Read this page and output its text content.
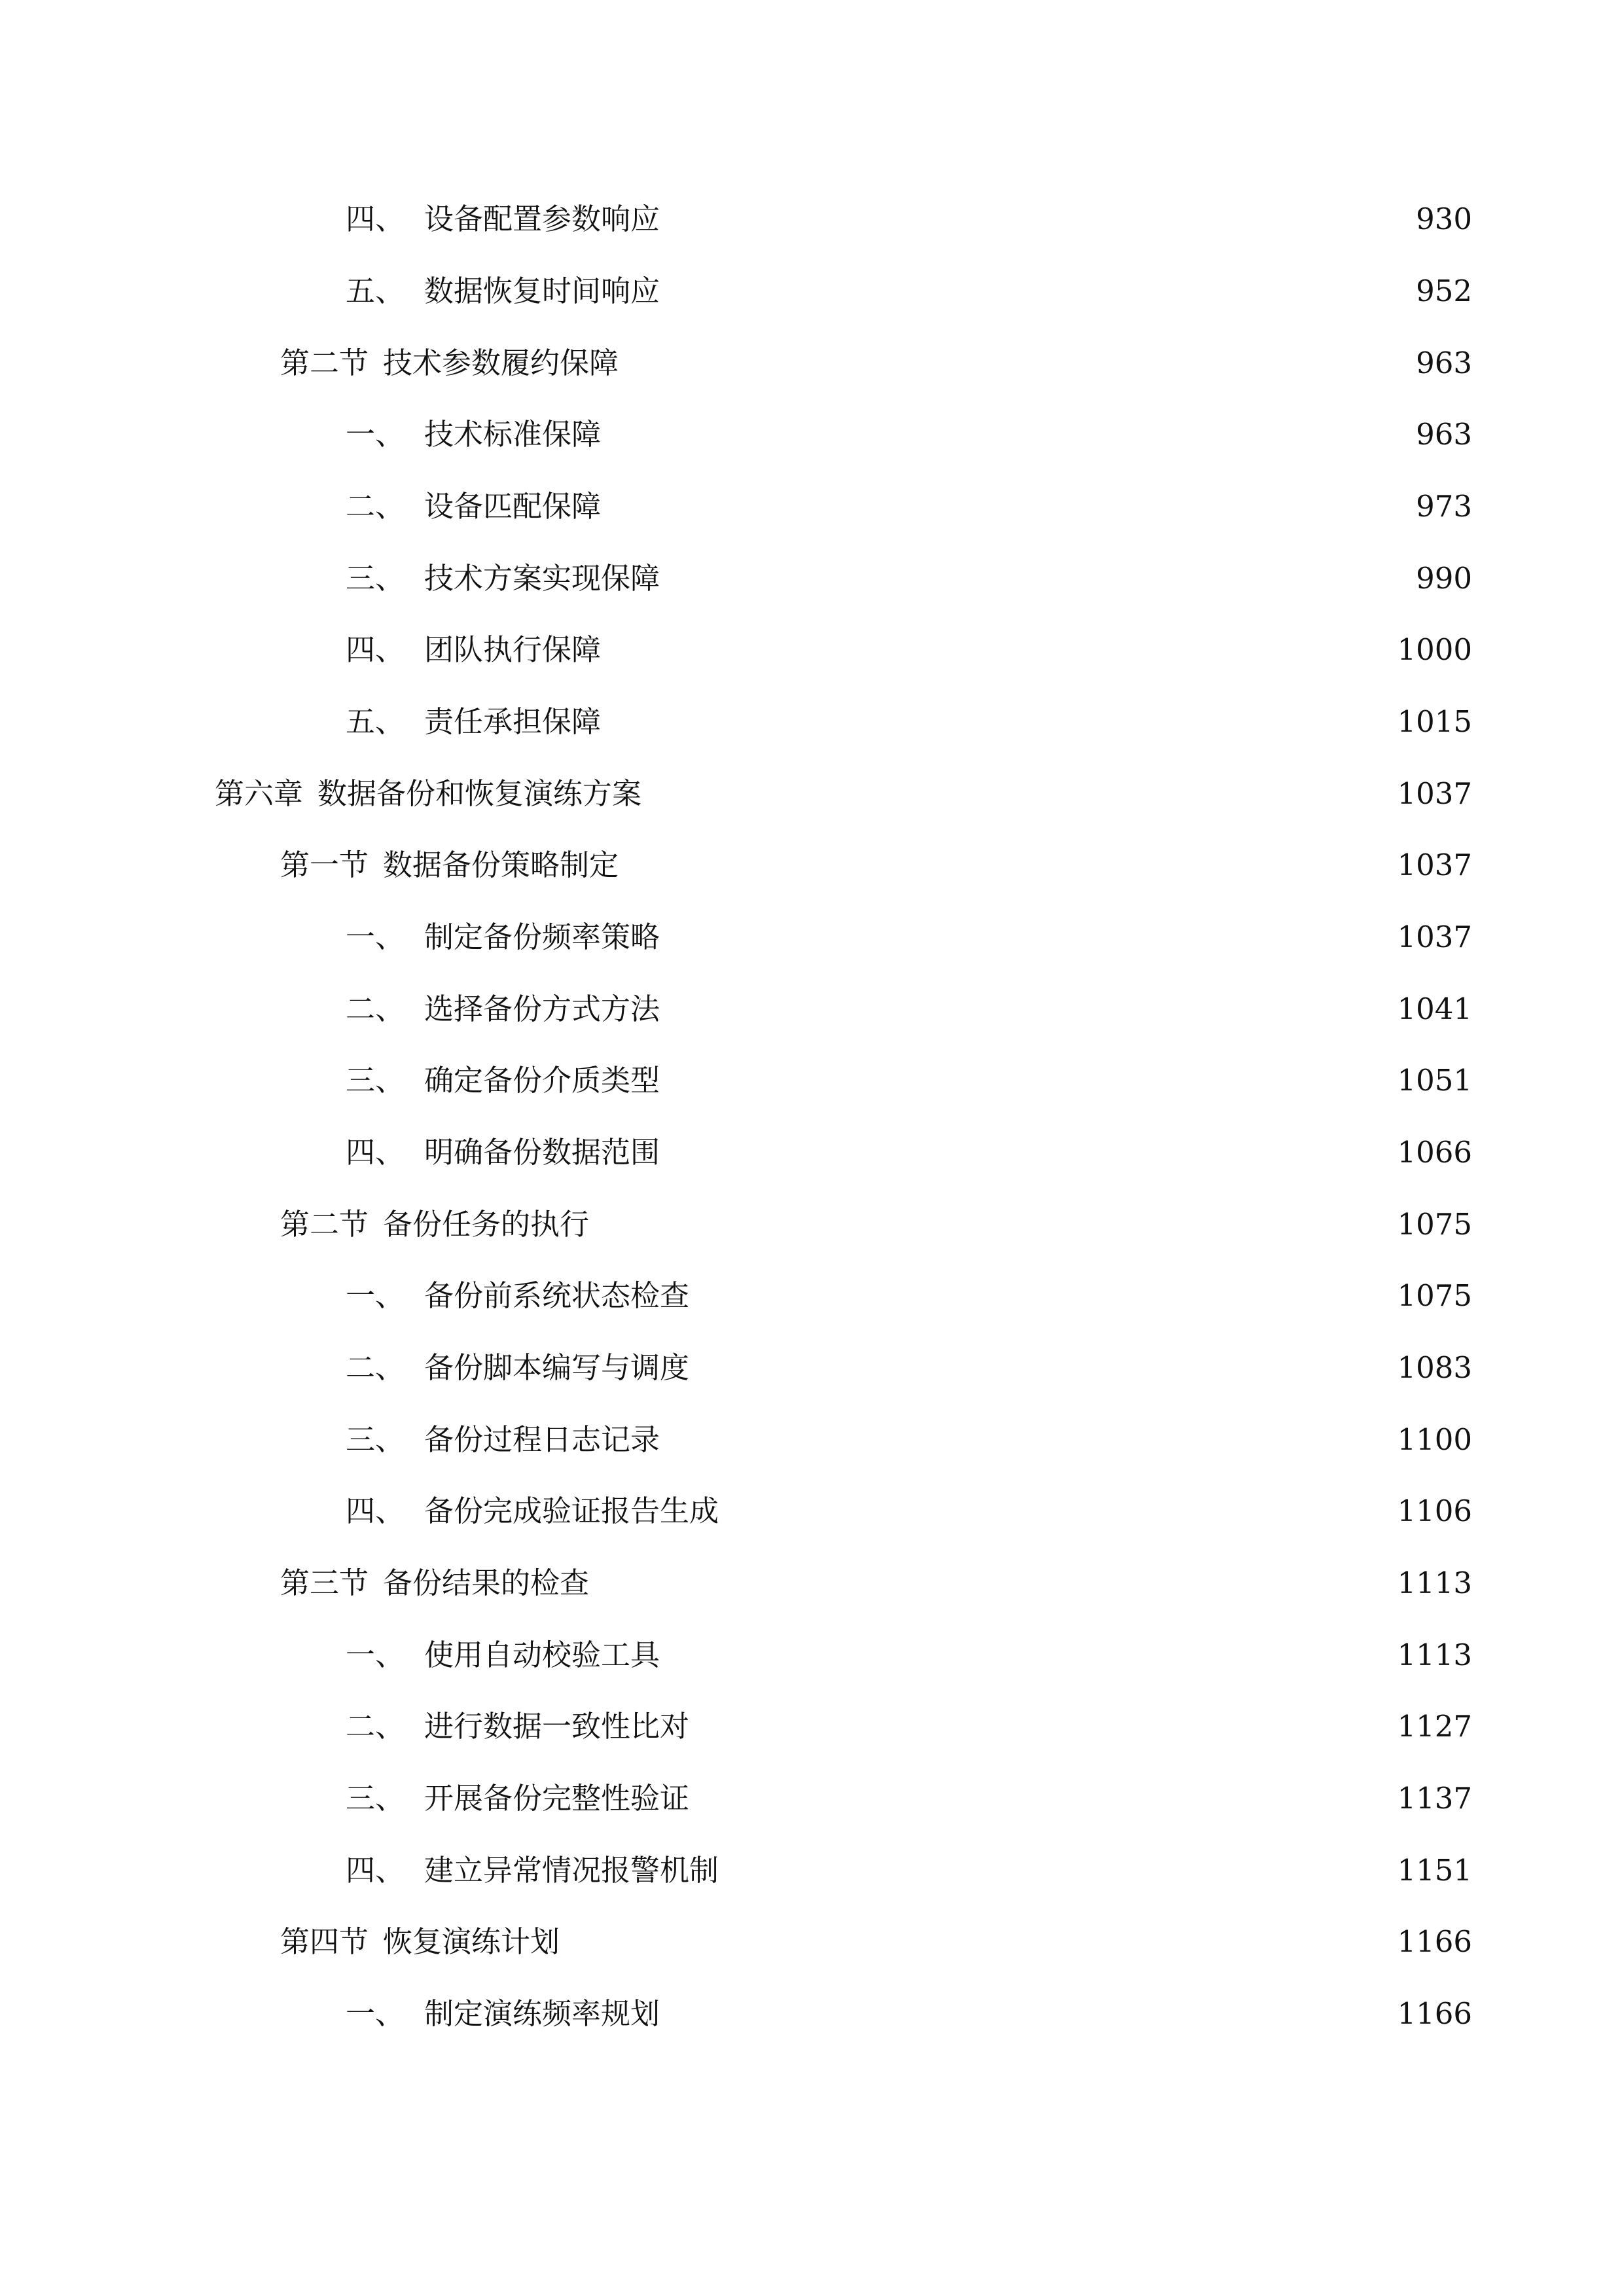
四、 设备配置参数响应	930
五、 数据恢复时间响应	952
第二节 技术参数履约保障	963
一、 技术标准保障	963
二、 设备匹配保障	973
三、 技术方案实现保障	990
四、 团队执行保障	1000
五、 责任承担保障	1015
第六章 数据备份和恢复演练方案	1037
第一节 数据备份策略制定	1037
一、 制定备份频率策略	1037
二、 选择备份方式方法	1041
三、 确定备份介质类型	1051
四、 明确备份数据范围	1066
第二节 备份任务的执行	1075
一、 备份前系统状态检查	1075
二、 备份脚本编写与调度	1083
三、 备份过程日志记录	1100
四、 备份完成验证报告生成	1106
第三节 备份结果的检查	1113
一、 使用自动校验工具	1113
二、 进行数据一致性比对	1127
三、 开展备份完整性验证	1137
四、 建立异常情况报警机制	1151
第四节 恢复演练计划	1166
一、 制定演练频率规划	1166
